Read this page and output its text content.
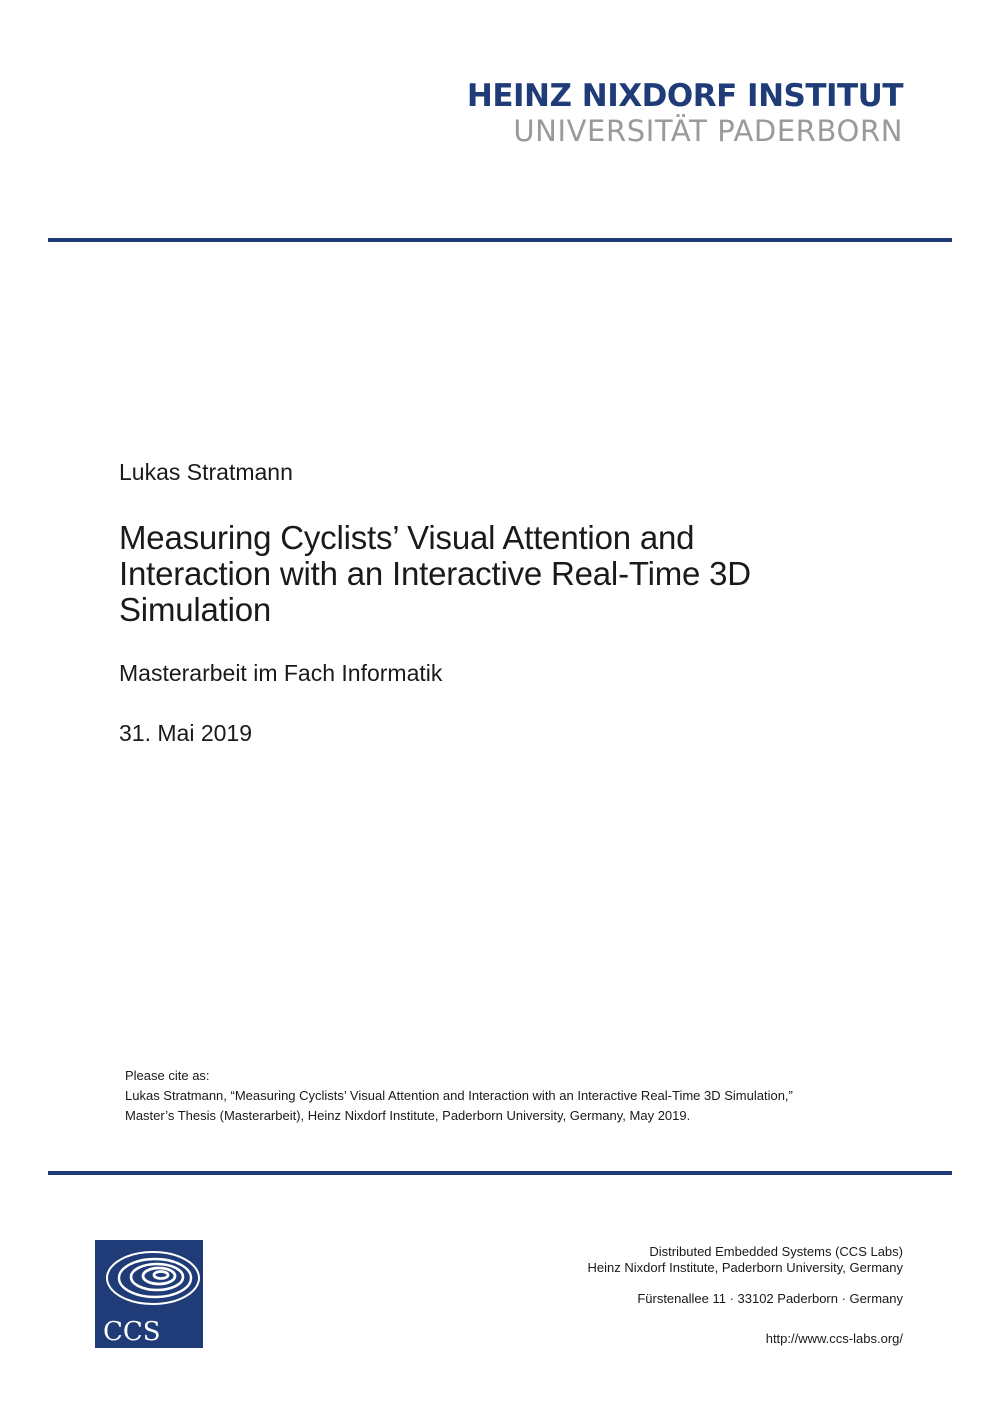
HEINZ NIXDORF INSTITUT
UNIVERSITÄT PADERBORN
Lukas Stratmann
Measuring Cyclists’ Visual Attention and Interaction with an Interactive Real-Time 3D Simulation
Masterarbeit im Fach Informatik
31. Mai 2019
Please cite as:
Lukas Stratmann, “Measuring Cyclists’ Visual Attention and Interaction with an Interactive Real-Time 3D Simulation,”
Master’s Thesis (Masterarbeit), Heinz Nixdorf Institute, Paderborn University, Germany, May 2019.
CCS
Distributed Embedded Systems (CCS Labs)
Heinz Nixdorf Institute, Paderborn University, Germany
Fürstenallee 11 · 33102 Paderborn · Germany
http://www.ccs-labs.org/
